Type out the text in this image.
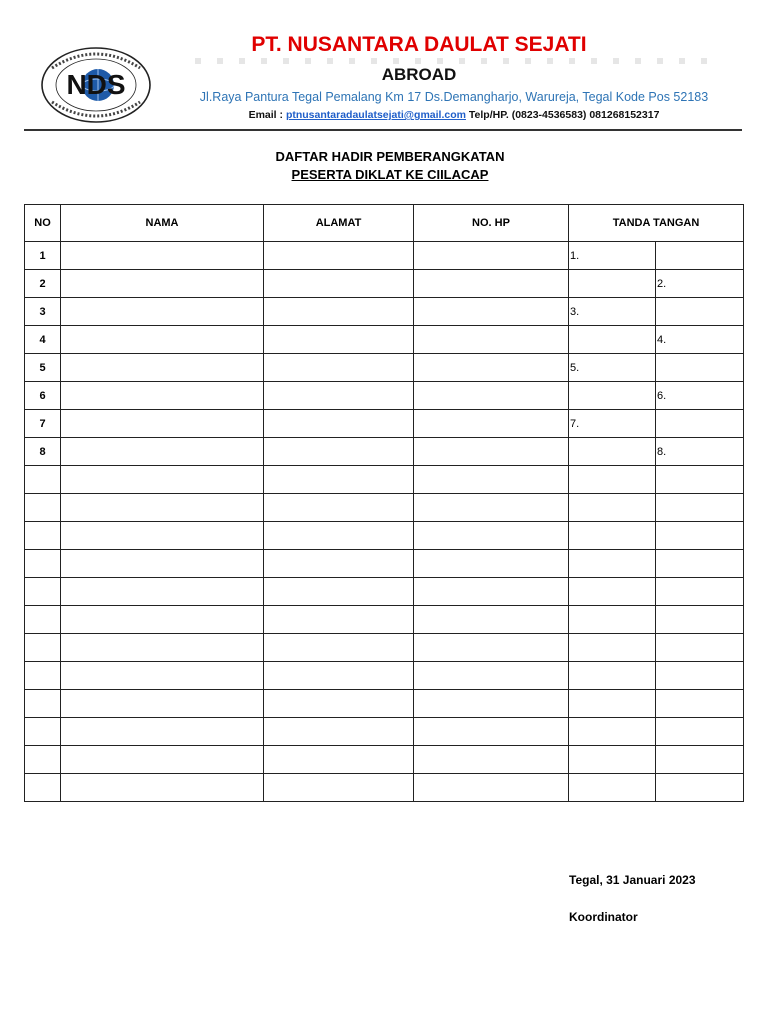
NDS
PT. NUSANTARA DAULAT SEJATI
ABROAD
Jl.Raya Pantura Tegal Pemalang Km 17 Ds.Demangharjo, Warureja, Tegal Kode Pos 52183
Email : ptnusantaradaulatsejati@gmail.com Telp/HP. (0823-4536583) 081268152317
DAFTAR HADIR PEMBERANGKATAN
PESERTA DIKLAT KE CIILACAP
NO	NAMA	ALAMAT	NO. HP	TANDA TANGAN	
1				1.	
2					2.
3				3.	
4					4.
5				5.	
6					6.
7				7.	
8					8.

Tegal, 31 Januari 2023
Koordinator
